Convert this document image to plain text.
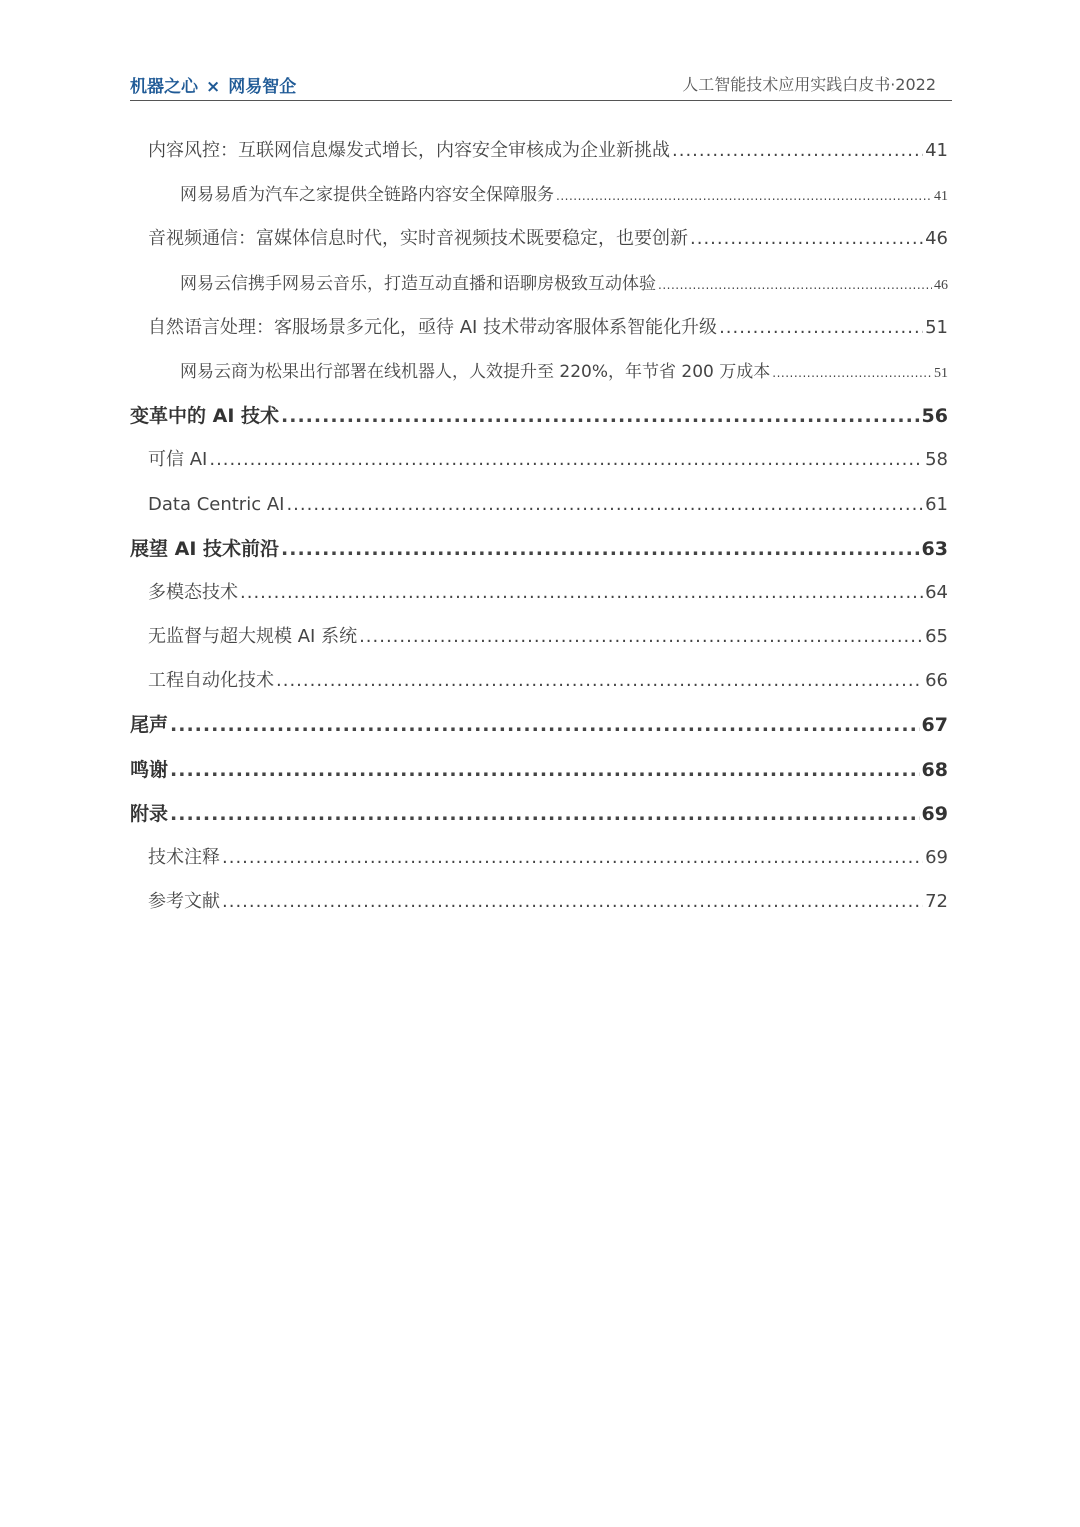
机器之心 × 网易智企	人工智能技术应用实践白皮书·2022
内容风控：互联网信息爆发式增长，内容安全审核成为企业新挑战 .....	41
网易易盾为汽车之家提供全链路内容安全保障服务 .....	41
音视频通信：富媒体信息时代，实时音视频技术既要稳定，也要创新 .....	46
网易云信携手网易云音乐，打造互动直播和语聊房极致互动体验 .....	46
自然语言处理：客服场景多元化，亟待 AI 技术带动客服体系智能化升级 .....	51
网易云商为松果出行部署在线机器人，人效提升至 220%，年节省 200 万成本 .....	51
变革中的 AI 技术 .....	56
可信 AI .....	58
Data Centric AI .....	61
展望 AI 技术前沿 .....	63
多模态技术 .....	64
无监督与超大规模 AI 系统 .....	65
工程自动化技术 .....	66
尾声 .....	67
鸣谢 .....	68
附录 .....	69
技术注释 .....	69
参考文献 .....	72
